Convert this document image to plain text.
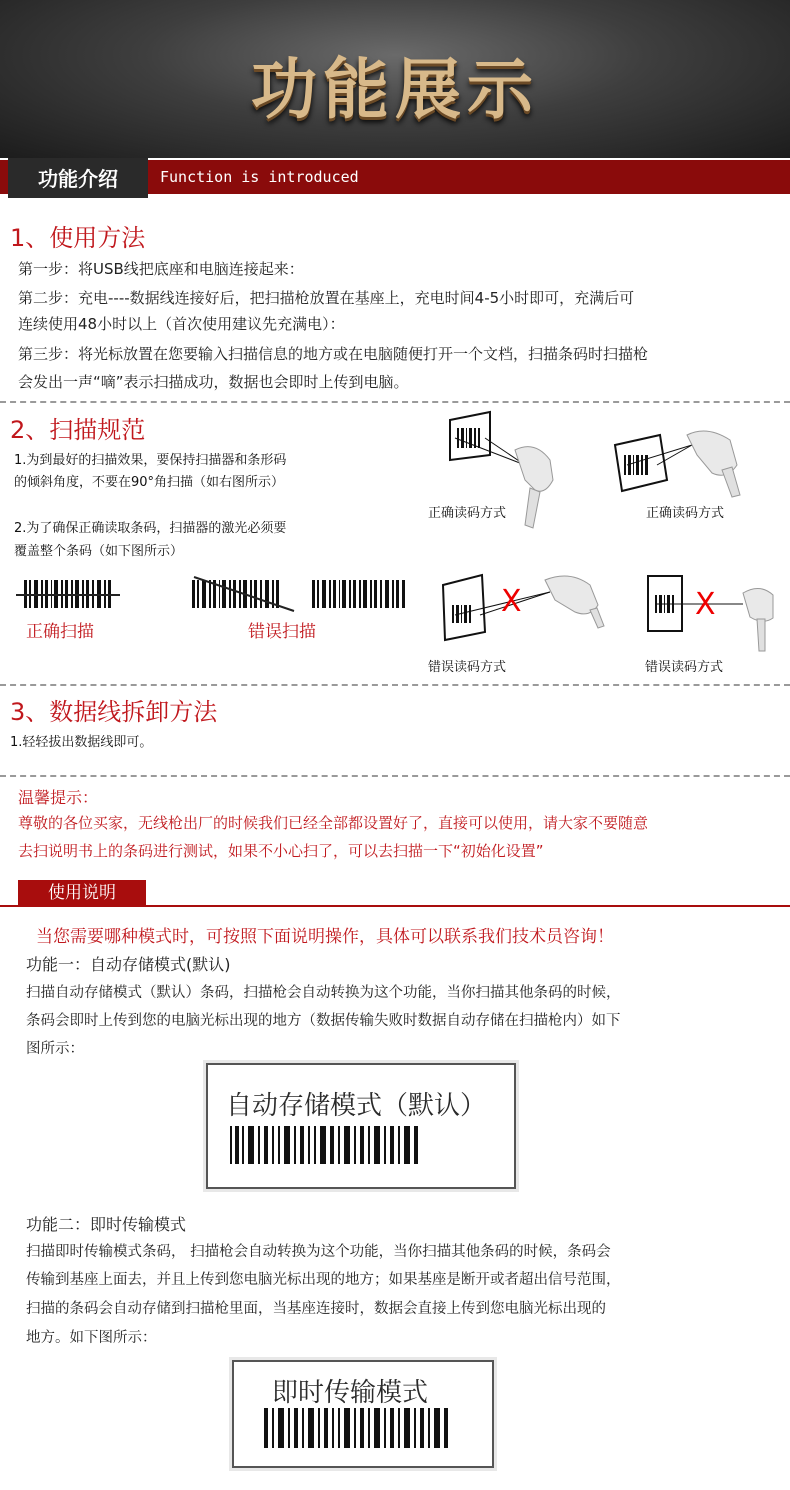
功能展示
功能介绍	Function is introduced
1、使用方法
第一步：将USB线把底座和电脑连接起来：
第二步：充电----数据线连接好后，把扫描枪放置在基座上，充电时间4-5小时即可，充满后可
连续使用48小时以上（首次使用建议先充满电）：
第三步：将光标放置在您要输入扫描信息的地方或在电脑随便打开一个文档，扫描条码时扫描枪
会发出一声“嘀”表示扫描成功，数据也会即时上传到电脑。
2、扫描规范
1.为到最好的扫描效果，要保持扫描器和条形码
的倾斜角度，不要在90°角扫描（如右图所示）
2.为了确保正确读取条码，扫描器的激光必须要
覆盖整个条码（如下图所示）
正确扫描	错误扫描
正确读码方式	正确读码方式
X
错误读码方式
X
错误读码方式
3、数据线拆卸方法
1.轻轻拔出数据线即可。
温馨提示：
尊敬的各位买家，无线枪出厂的时候我们已经全部都设置好了，直接可以使用，请大家不要随意
去扫说明书上的条码进行测试，如果不小心扫了，可以去扫描一下“初始化设置”
使用说明
当您需要哪种模式时，可按照下面说明操作，具体可以联系我们技术员咨询！
功能一：自动存储模式(默认)
扫描自动存储模式（默认）条码，扫描枪会自动转换为这个功能，当你扫描其他条码的时候，
条码会即时上传到您的电脑光标出现的地方（数据传输失败时数据自动存储在扫描枪内）如下
图所示：
自动存储模式（默认）
功能二：即时传输模式
扫描即时传输模式条码， 扫描枪会自动转换为这个功能，当你扫描其他条码的时候，条码会
传输到基座上面去，并且上传到您电脑光标出现的地方；如果基座是断开或者超出信号范围，
扫描的条码会自动存储到扫描枪里面，当基座连接时，数据会直接上传到您电脑光标出现的
地方。如下图所示：
即时传输模式
